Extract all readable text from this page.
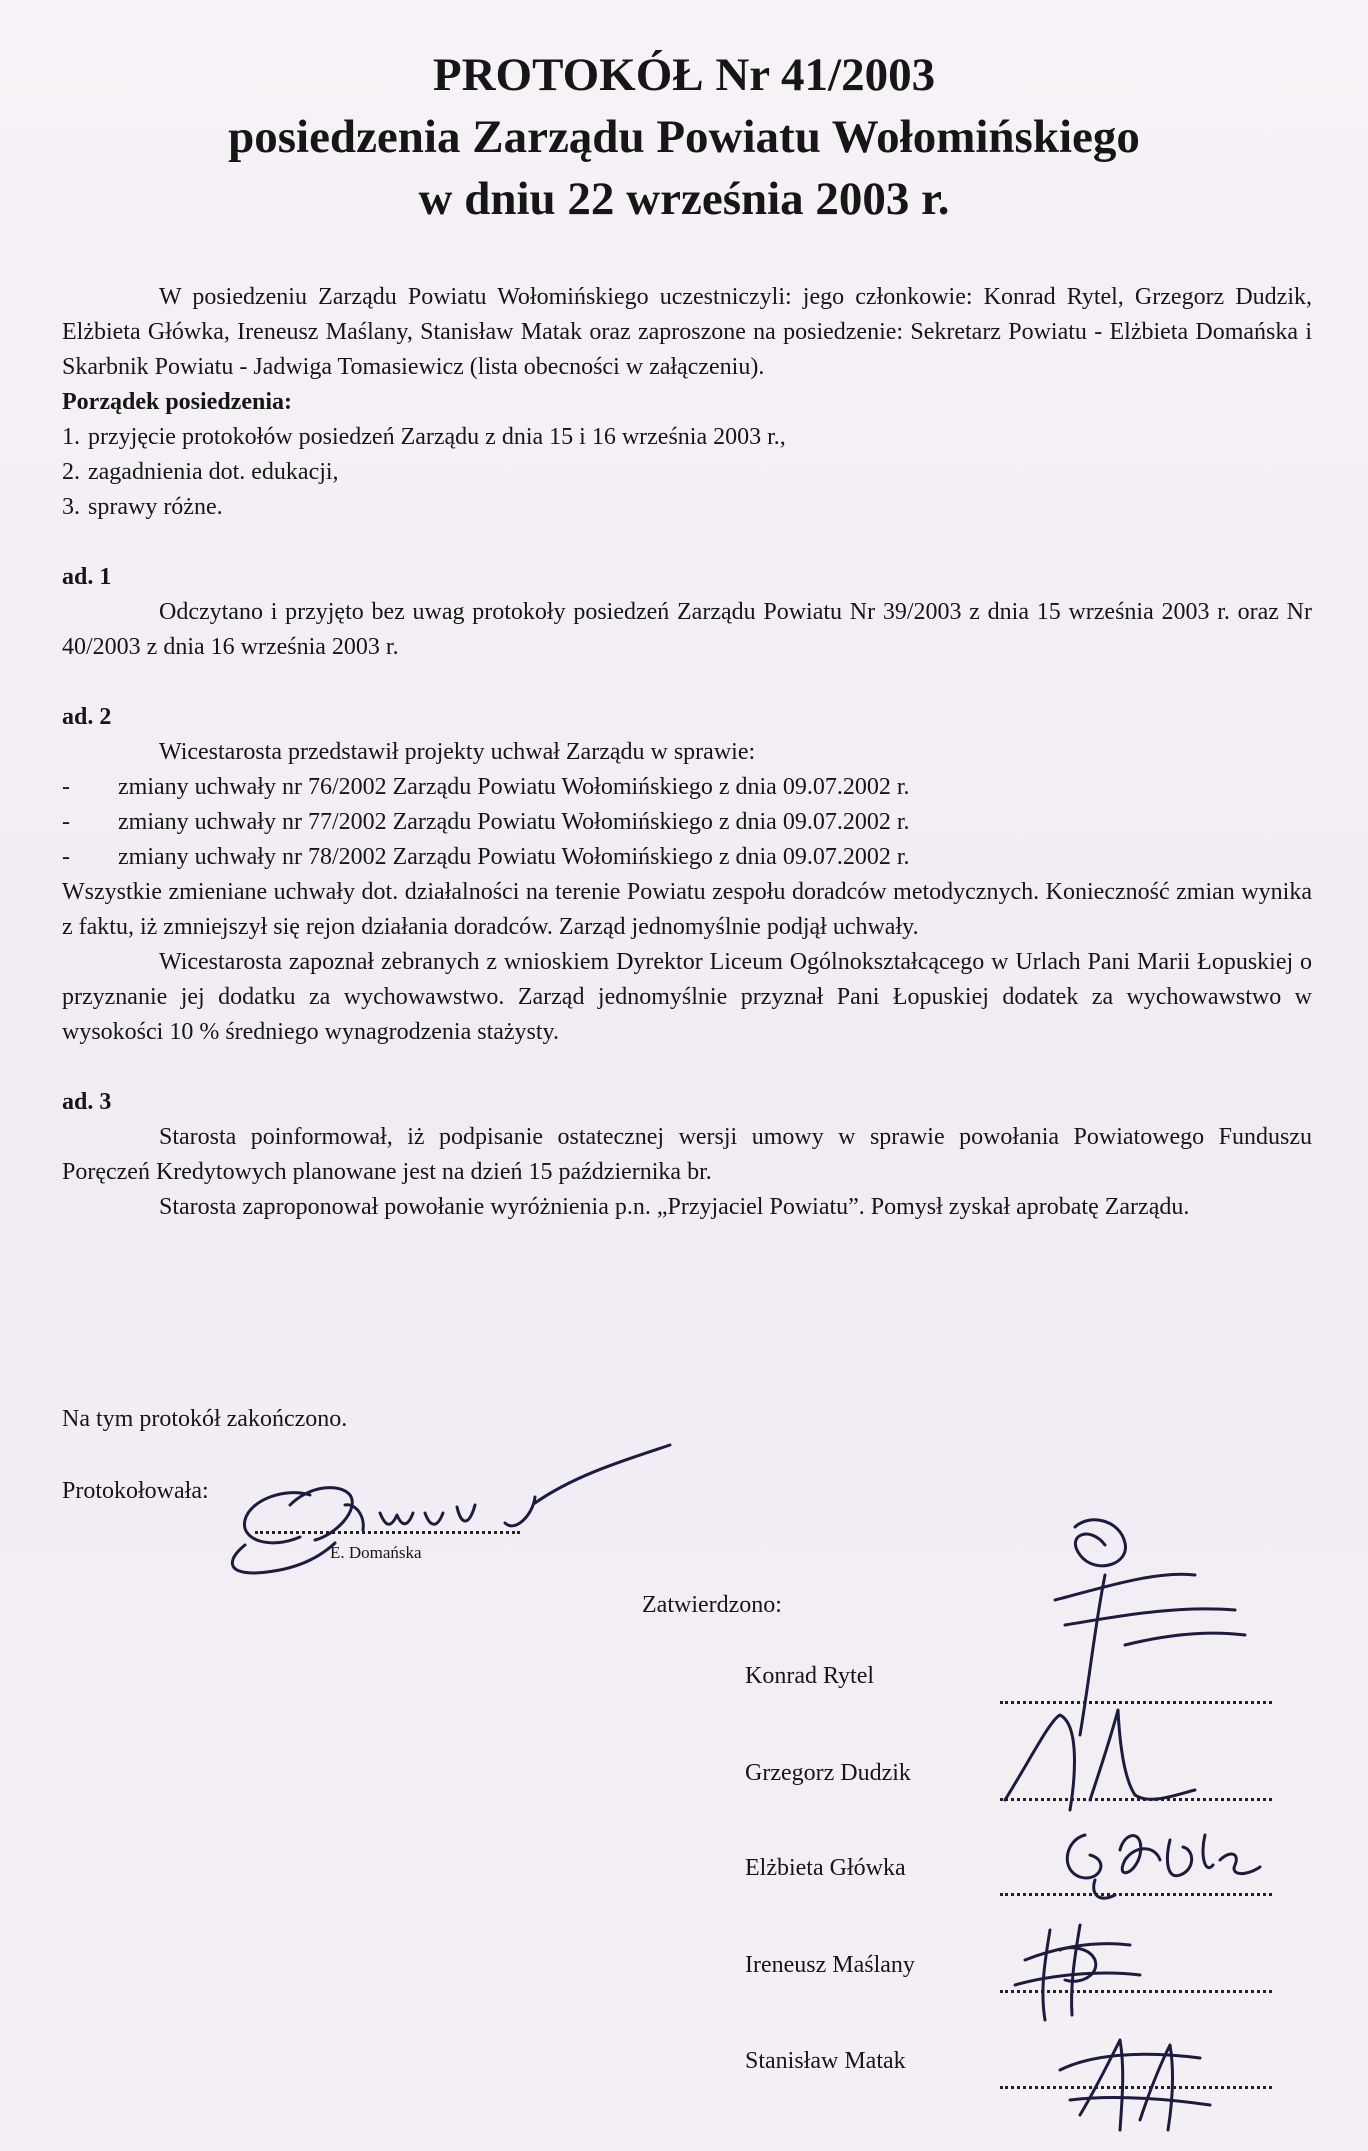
PROTOKÓŁ Nr 41/2003
posiedzenia Zarządu Powiatu Wołomińskiego
w dniu 22 września 2003 r.

W posiedzeniu Zarządu Powiatu Wołomińskiego uczestniczyli: jego członkowie: Konrad Rytel, Grzegorz Dudzik, Elżbieta Główka, Ireneusz Maślany, Stanisław Matak oraz zaproszone na posiedzenie: Sekretarz Powiatu - Elżbieta Domańska i Skarbnik Powiatu - Jadwiga Tomasiewicz (lista obecności w załączeniu).

Porządek posiedzenia:
1. przyjęcie protokołów posiedzeń Zarządu z dnia 15 i 16 września 2003 r.,
2. zagadnienia dot. edukacji,
3. sprawy różne.
ad. 1

Odczytano i przyjęto bez uwag protokoły posiedzeń Zarządu Powiatu Nr 39/2003 z dnia 15 września 2003 r. oraz Nr 40/2003 z dnia 16 września 2003 r.

ad. 2

Wicestarosta przedstawił projekty uchwał Zarządu w sprawie:

-	zmiany uchwały nr 76/2002 Zarządu Powiatu Wołomińskiego z dnia 09.07.2002 r.
-	zmiany uchwały nr 77/2002 Zarządu Powiatu Wołomińskiego z dnia 09.07.2002 r.
-	zmiany uchwały nr 78/2002 Zarządu Powiatu Wołomińskiego z dnia 09.07.2002 r.

Wszystkie zmieniane uchwały dot. działalności na terenie Powiatu zespołu doradców metodycznych. Konieczność zmian wynika z faktu, iż zmniejszył się rejon działania doradców. Zarząd jednomyślnie podjął uchwały.

Wicestarosta zapoznał zebranych z wnioskiem Dyrektor Liceum Ogólnokształcącego w Urlach Pani Marii Łopuskiej o przyznanie jej dodatku za wychowawstwo. Zarząd jednomyślnie przyznał Pani Łopuskiej dodatek za wychowawstwo w wysokości 10 % średniego wynagrodzenia stażysty.

ad. 3

Starosta poinformował, iż podpisanie ostatecznej wersji umowy w sprawie powołania Powiatowego Funduszu Poręczeń Kredytowych planowane jest na dzień 15 października br.

Starosta zaproponował powołanie wyróżnienia p.n. „Przyjaciel Powiatu”. Pomysł zyskał aprobatę Zarządu.

Na tym protokół zakończono.
Protokołowała:
E. Domańska
Zatwierdzono:
Konrad Rytel
Grzegorz Dudzik
Elżbieta Główka
Ireneusz Maślany
Stanisław Matak
